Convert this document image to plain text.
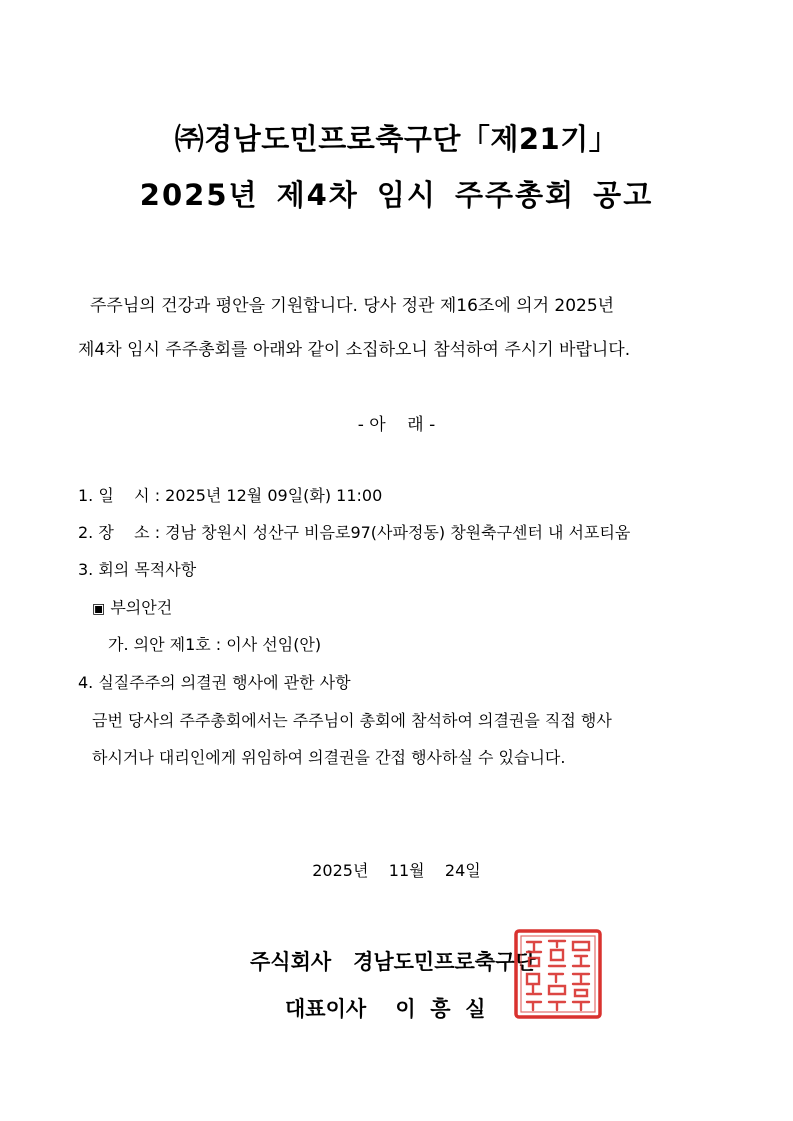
㈜경남도민프로축구단「제21기」
2025년 제4차 임시 주주총회 공고
주주님의 건강과 평안을 기원합니다. 당사 정관 제16조에 의거 2025년
제4차 임시 주주총회를 아래와 같이 소집하오니 참석하여 주시기 바랍니다.
- 아    래 -
1. 일    시 : 2025년 12월 09일(화) 11:00
2. 장    소 : 경남 창원시 성산구 비음로97(사파정동) 창원축구센터 내 서포티움
3. 회의 목적사항
▣ 부의안건
가. 의안 제1호 : 이사 선임(안)
4. 실질주주의 의결권 행사에 관한 사항
금번 당사의 주주총회에서는 주주님이 총회에 참석하여 의결권을 직접 행사
하시거나 대리인에게 위임하여 의결권을 간접 행사하실 수 있습니다.
2025년    11월    24일
주식회사   경남도민프로축구단
대표이사    이  흥  실
